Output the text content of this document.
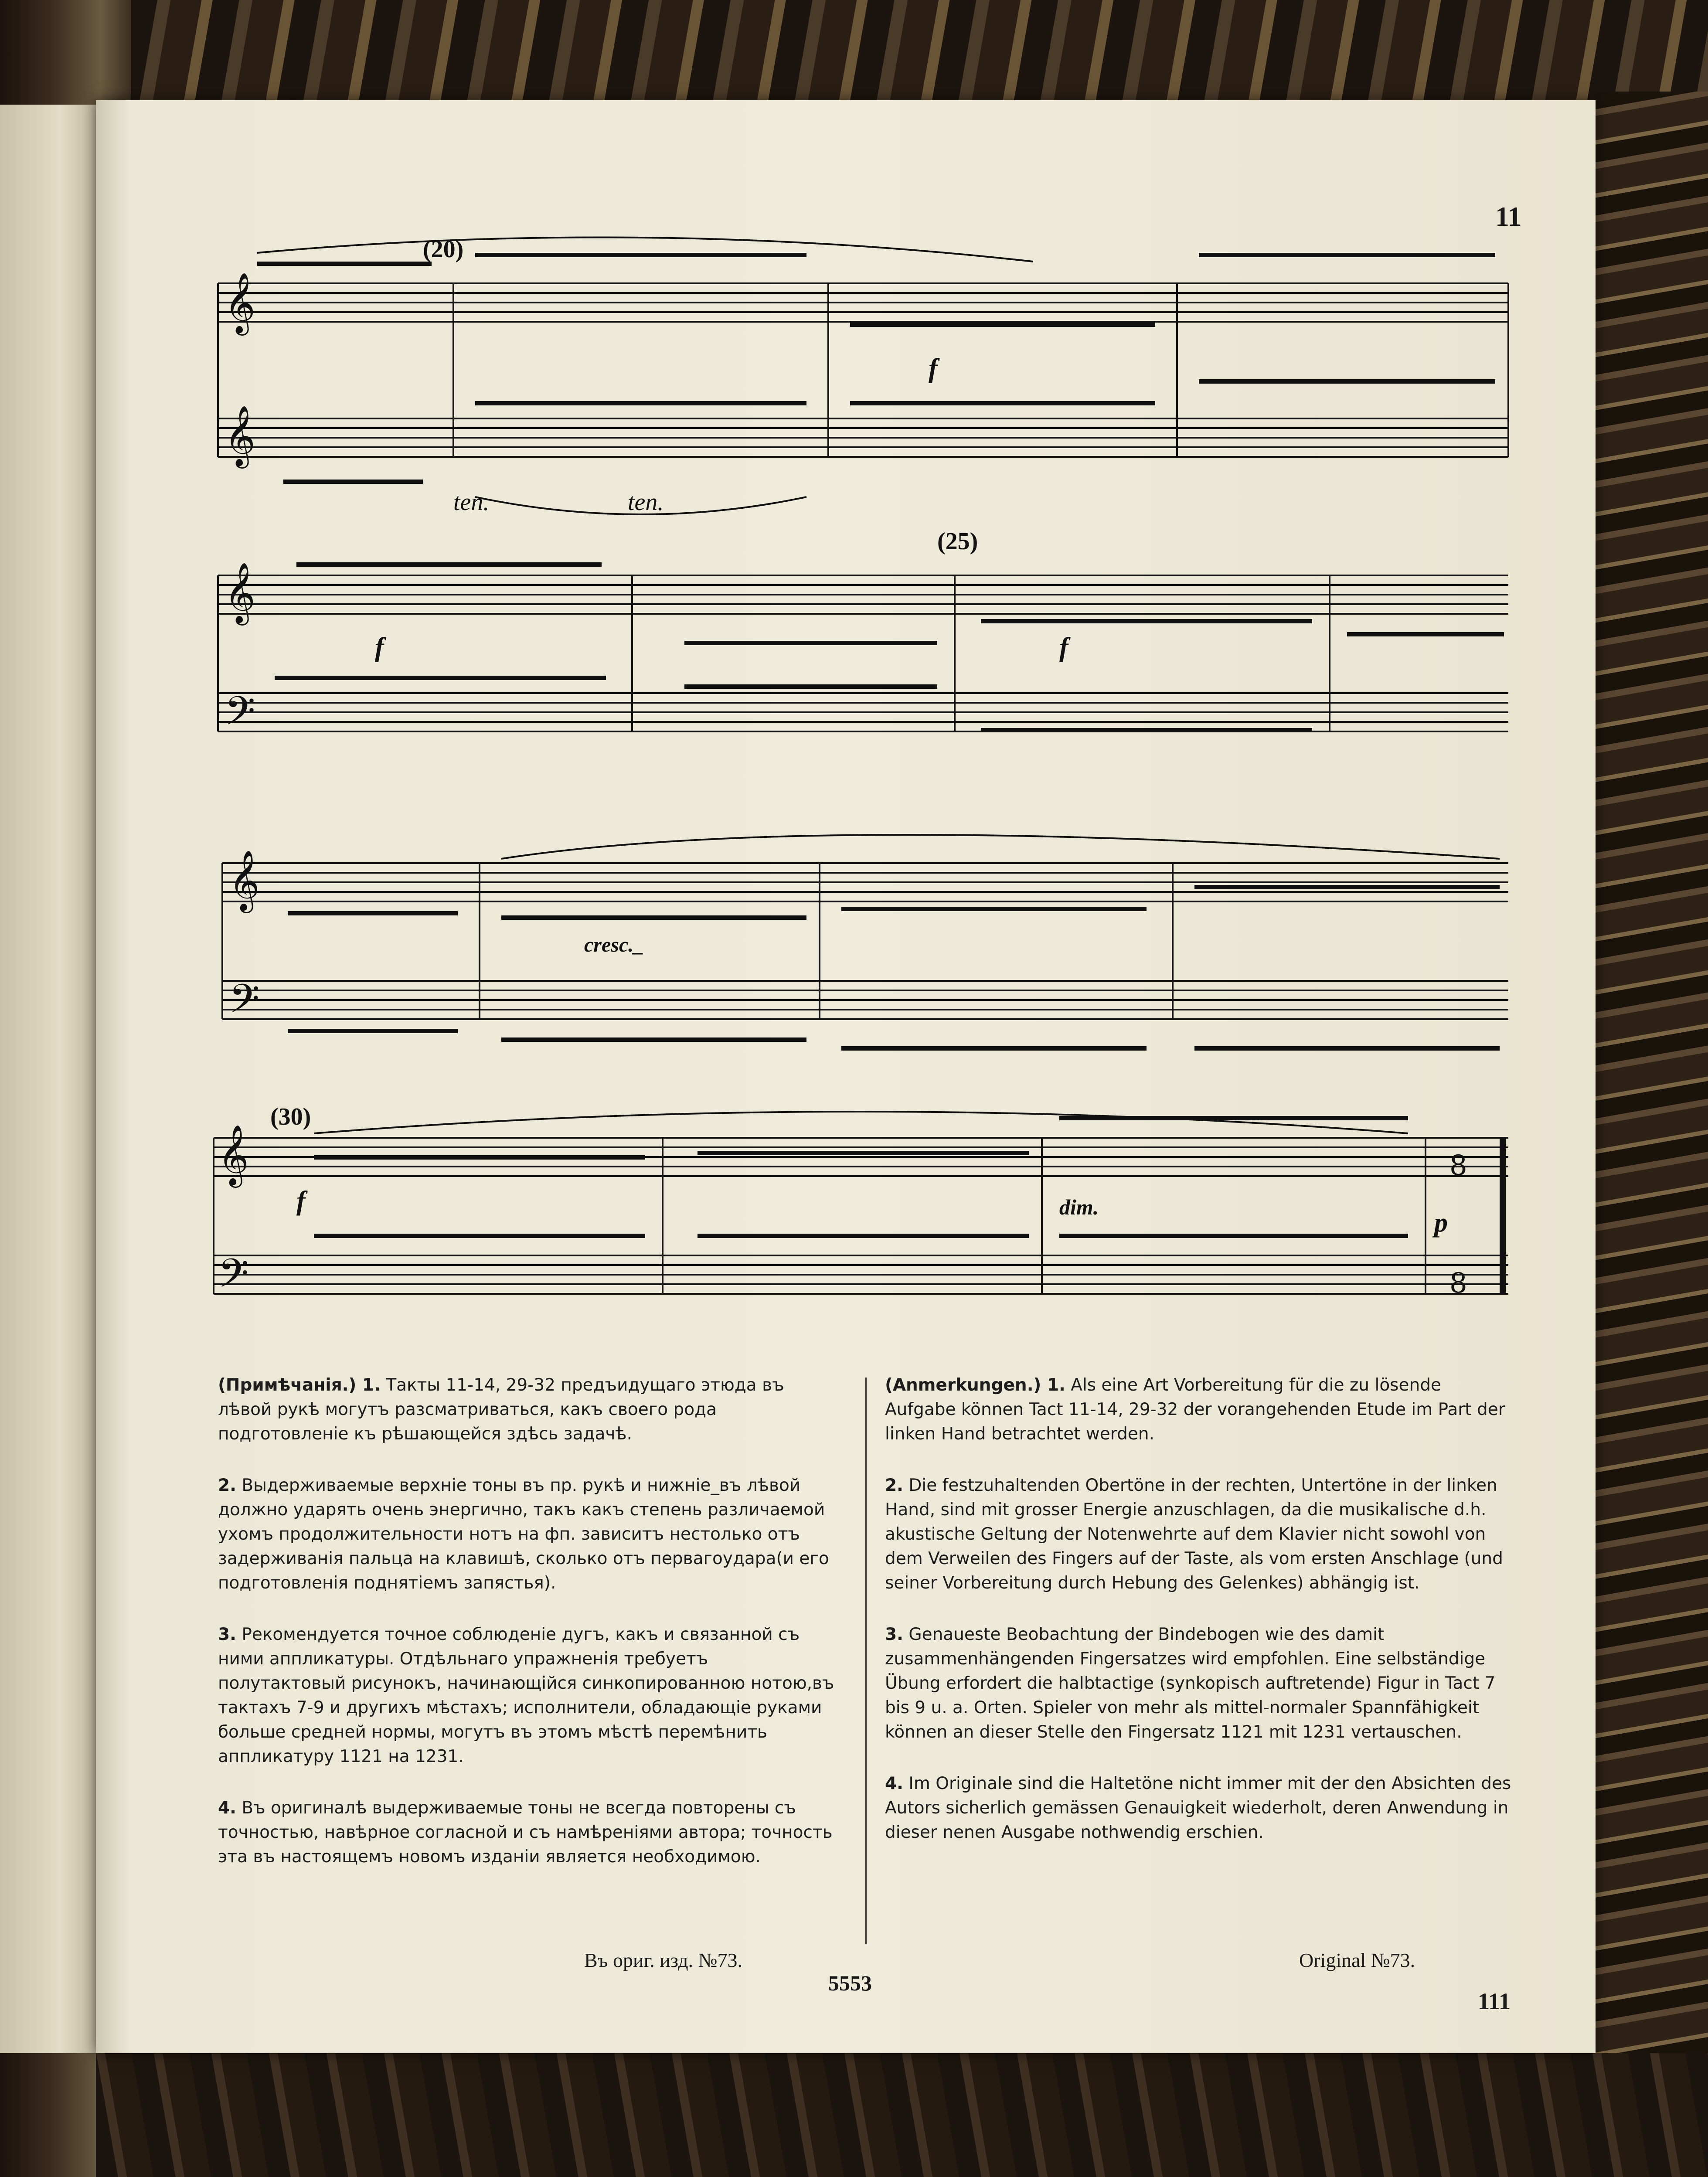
11
𝄞
𝄞
(20)
ten.	ten.
f
𝄞
𝄢
(25)
f	f
𝄞
𝄢
cresc._
𝄞
𝄢
8
8
(30)
f	dim.
p

(Примѣчанія.) 1. Такты 11-14, 29-32 предъидущаго этюда въ лѣвой рукѣ могутъ разсматриваться, какъ своего рода подготовленіе къ рѣшающейся здѣсь задачѣ.

2. Выдерживаемые верхніе тоны въ пр. рукѣ и нижніе_въ лѣвой должно ударять очень энергично, такъ какъ степень различаемой ухомъ продолжительности нотъ на фп. зависитъ нестолько отъ задерживанія пальца на клавишѣ, сколько отъ первагоудара(и его подготовленія поднятіемъ запястья).

3. Рекомендуется точное соблюденіе дугъ, какъ и связанной съ ними аппликатуры. Отдѣльнаго упражненія требуетъ полутактовый рисунокъ, начинающійся синкопированною нотою,въ тактахъ 7-9 и другихъ мѣстахъ; исполнители, обладающіе руками больше средней нормы, могутъ въ этомъ мѣстѣ перемѣнить аппликатуру 1121 на 1231.

4. Въ оригиналѣ выдерживаемые тоны не всегда повторены съ точностью, навѣрное согласной и съ намѣреніями автора; точность эта въ настоящемъ новомъ изданіи является необходимою.

(Anmerkungen.) 1. Als eine Art Vorbereitung für die zu lösende Aufgabe können Tact 11-14, 29-32 der vorangehenden Etude im Part der linken Hand betrachtet werden.

2. Die festzuhaltenden Obertöne in der rechten, Untertöne in der linken Hand, sind mit grosser Energie anzuschlagen, da die musikalische d.h. akustische Geltung der Notenwehrte auf dem Klavier nicht sowohl von dem Verweilen des Fingers auf der Taste, als vom ersten Anschlage (und seiner Vorbereitung durch Hebung des Gelenkes) abhängig ist.

3. Genaueste Beobachtung der Bindebogen wie des damit zusammenhängenden Fingersatzes wird empfohlen. Eine selbständige Übung erfordert die halbtactige (synkopisch auftretende) Figur in Tact 7 bis 9 u. a. Orten. Spieler von mehr als mittel-normaler Spannfähigkeit können an dieser Stelle den Fingersatz 1121 mit 1231 vertauschen.

4. Im Originale sind die Haltetöne nicht immer mit der den Absichten des Autors sicherlich gemässen Genauigkeit wiederholt, deren Anwendung in dieser nenen Ausgabe nothwendig erschien.

Въ ориг. изд. №73.	Original №73.
5553
111
